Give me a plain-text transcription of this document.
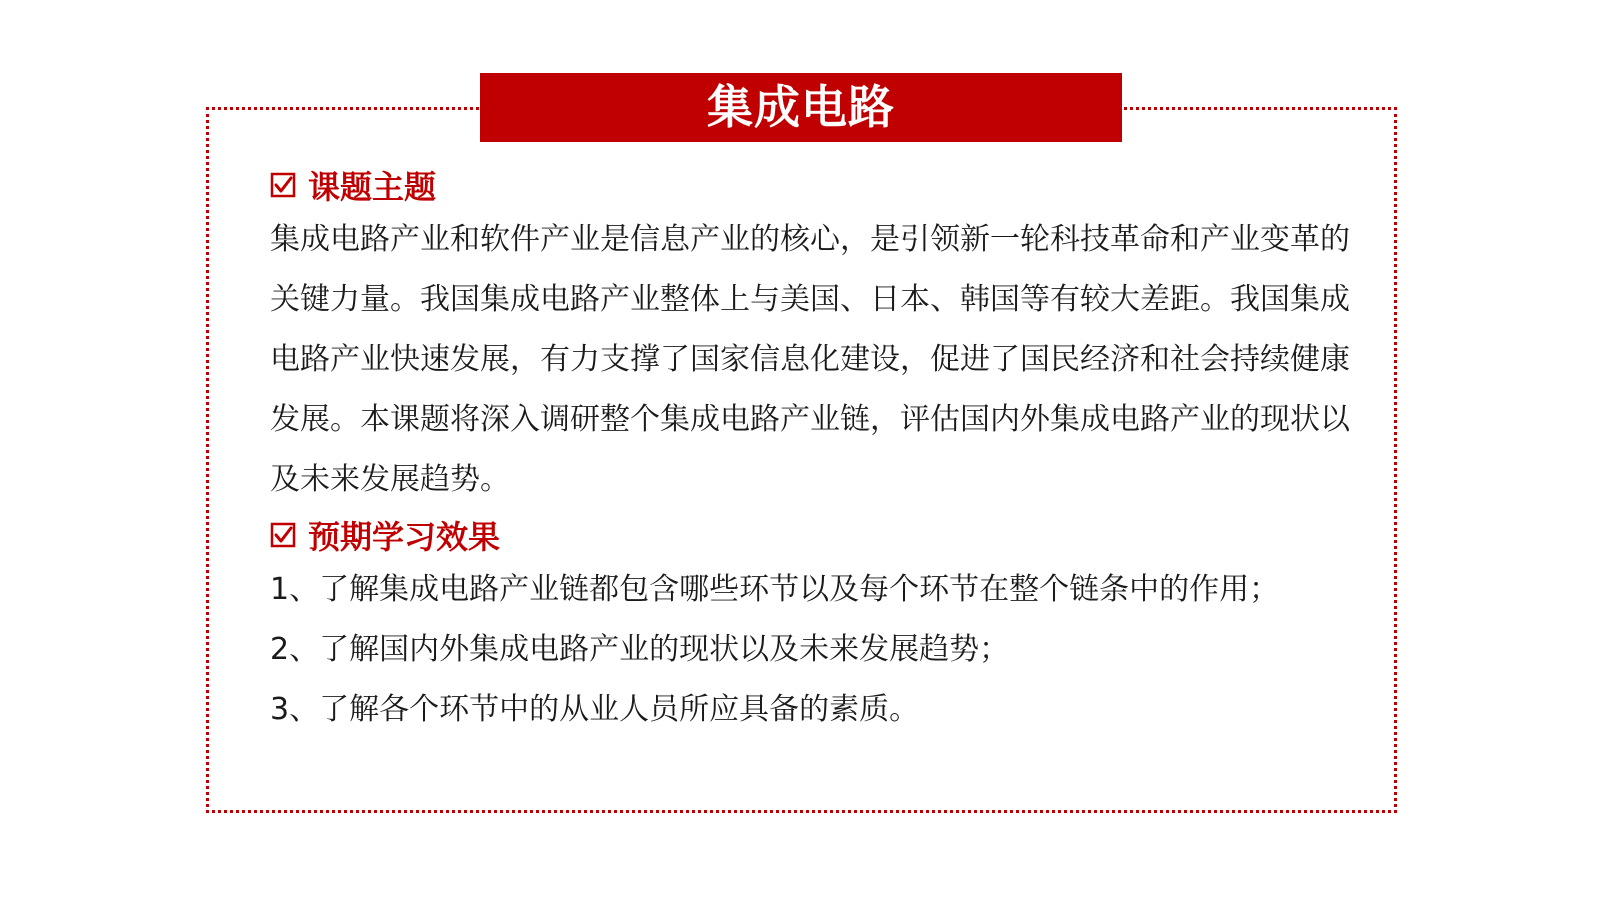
集成电路
课题主题

集成电路产业和软件产业是信息产业的核心，是引领新一轮科技革命和产业变革的关键力量。我国集成电路产业整体上与美国、日本、韩国等有较大差距。我国集成电路产业快速发展，有力支撑了国家信息化建设，促进了国民经济和社会持续健康发展。本课题将深入调研整个集成电路产业链，评估国内外集成电路产业的现状以及未来发展趋势。

预期学习效果
1、了解集成电路产业链都包含哪些环节以及每个环节在整个链条中的作用；
2、了解国内外集成电路产业的现状以及未来发展趋势；
3、了解各个环节中的从业人员所应具备的素质。
